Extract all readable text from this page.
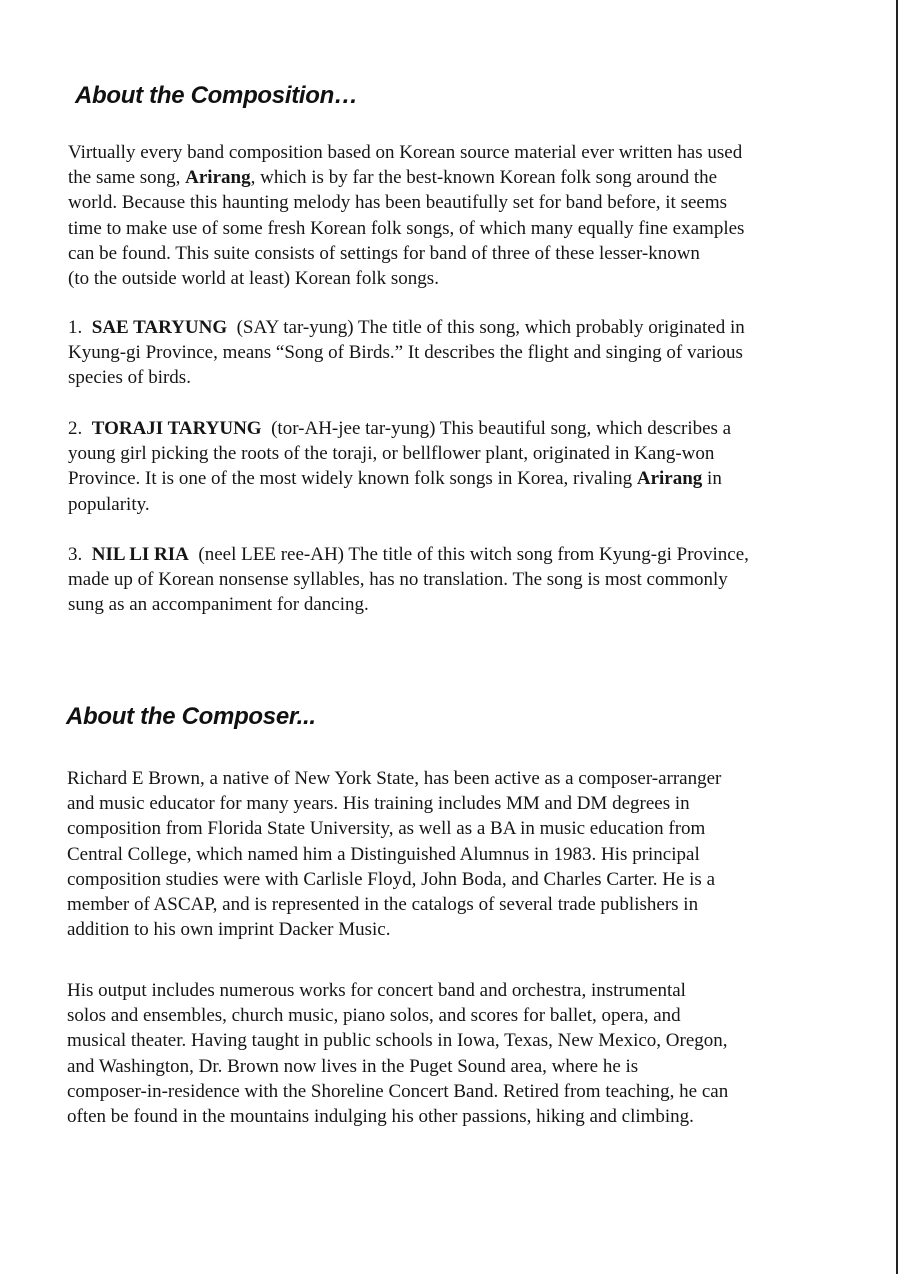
About the Composition…

Virtually every band composition based on Korean source material ever written has used
the same song, Arirang, which is by far the best-known Korean folk song around the
world. Because this haunting melody has been beautifully set for band before, it seems
time to make use of some fresh Korean folk songs, of which many equally fine examples
can be found. This suite consists of settings for band of three of these lesser-known
(to the outside world at least) Korean folk songs.

1. SAE TARYUNG  (SAY tar-yung) The title of this song, which probably originated in
Kyung-gi Province, means “Song of Birds.” It describes the flight and singing of various
species of birds.

2. TORAJI TARYUNG  (tor-AH-jee tar-yung) This beautiful song, which describes a
young girl picking the roots of the toraji, or bellflower plant, originated in Kang-won
Province. It is one of the most widely known folk songs in Korea, rivaling Arirang in
popularity.

3. NIL LI RIA  (neel LEE ree-AH) The title of this witch song from Kyung-gi Province,
made up of Korean nonsense syllables, has no translation. The song is most commonly
sung as an accompaniment for dancing.

About the Composer...

Richard E Brown, a native of New York State, has been active as a composer-arranger
and music educator for many years. His training includes MM and DM degrees in
composition from Florida State University, as well as a BA in music education from
Central College, which named him a Distinguished Alumnus in 1983. His principal
composition studies were with Carlisle Floyd, John Boda, and Charles Carter. He is a
member of ASCAP, and is represented in the catalogs of several trade publishers in
addition to his own imprint Dacker Music.

His output includes numerous works for concert band and orchestra, instrumental
solos and ensembles, church music, piano solos, and scores for ballet, opera, and
musical theater. Having taught in public schools in Iowa, Texas, New Mexico, Oregon,
and Washington, Dr. Brown now lives in the Puget Sound area, where he is
composer-in-residence with the Shoreline Concert Band. Retired from teaching, he can
often be found in the mountains indulging his other passions, hiking and climbing.
